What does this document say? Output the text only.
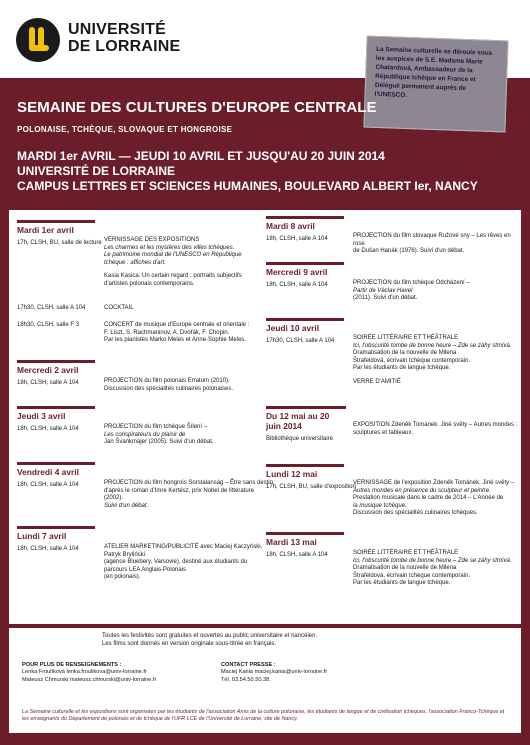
UNIVERSITÉ
DE LORRAINE	La Semaine culturelle se déroule sous les auspices de S.E. Madame Marie Chatardová, Ambassadeur de la République tchèque en France et Délégué permanent auprès de l'UNESCO.

SEMAINE DES CULTURES D'EUROPE CENTRALE
POLONAISE, TCHÈQUE, SLOVAQUE ET HONGROISE
MARDI 1er AVRIL — JEUDI 10 AVRIL ET JUSQU'AU 20 JUIN 2014
UNIVERSITÉ DE LORRAINE
CAMPUS LETTRES ET SCIENCES HUMAINES, BOULEVARD ALBERT Ier, NANCY
Mardi 1er avril
17h, CLSH, BU, salle de lecture VERNISSAGE DES EXPOSITIONS
Les charmes et les mystères des villes tchèques.
Le patrimoine mondial de l'UNESCO en République
tchèque : affiches d'art.
Kasia Kasica. Un certain regard : portraits subjectifs
d'artistes polonais contemporains.
17h30, CLSH, salle A 104	COCKTAIL
18h30, CLSH, salle F 3	CONCERT de musique d'Europe centrale et orientale :
F. Liszt, S. Rachmaninov, A. Dvořák, F. Chopin.
Par les pianistes Marko Meles et Anne-Sophie Meles.
Mercredi 2 avril
18h, CLSH, salle A 104	PROJECTION du film polonais Erratum (2010).
Discussion des spécialités culinaires polonaises.
Jeudi 3 avril
18h, CLSH, salle A 104	PROJECTION du film tchèque Šílení –
Les conspirateurs du plaisir de
Jan Švankmajer (2005). Suivi d'un débat.
Vendredi 4 avril
18h, CLSH, salle A 104	PROJECTION du film hongrois Sorstalanság – Être sans destin
d'après le roman d'Imre Kertész, prix Nobel de littérature
(2002).
Suivi d'un débat.
Lundi 7 avril
18h, CLSH, salle A 104	ATELIER MARKETING/PUBLICITÉ avec Maciej Kaczyński,
Patryk Bryliński
(agence Bluebery, Varsovie), destiné aux étudiants du
parcours LEA Anglais-Polonais
(en polonais).
Mardi 8 avril
18h, CLSH, salle A 104	PROJECTION du film slovaque Ružové sny – Les rêves en rose
de Dušan Hanák (1976). Suivi d'un débat.
Mercredi 9 avril
18h, CLSH, salle A 104	PROJECTION du film tchèque Odcházení –
Partir de Václav Havel
(2011). Suivi d'un débat.
Jeudi 10 avril
17h30, CLSH, salle A 104	SOIRÉE LITTÉRAIRE ET THÉÂTRALE
Ici, l'obscurité tombe de bonne heure – Zde se záhy stmívá.
Dramatisation de la nouvelle de Milena
Štrafeldová, écrivain tchèque contemporain.
Par les étudiants de langue tchèque.
VERRE D'AMITIÉ
Du 12 mai au 20 juin 2014
Bibliothèque universitaire
EXPOSITION Zdeněk Tománek. Jiné světy – Autres mondes :
sculptures et tableaux.
Lundi 12 mai
17h, CLSH, BU, salle d'exposition
VERNISSAGE de l'exposition Zdeněk Tománek. Jiné světy –
Autres mondes en présence du sculpteur et peintre.
Prestation musicale dans le cadre de 2014 – L'Année de
la musique tchèque.
Discussion des spécialités culinaires tchèques.
Mardi 13 mai
18h, CLSH, salle A 104	SOIRÉE LITTÉRAIRE ET THÉÂTRALE
Ici, l'obscurité tombe de bonne heure – Zde se záhy stmívá.
Dramatisation de la nouvelle de Milena
Štrafeldová, écrivain tchèque contemporain.
Par les étudiants de langue tchèque.
Toutes les festivités sont gratuites et ouvertes au public universitaire et nancéien.
Les films sont donnés en version originale sous-titrée en français.
POUR PLUS DE RENSEIGNEMENTS :
Lenka Froulíková lenka.froulikova@univ-lorraine.fr
Mateusz Chmurski mateusz.chmurski@univ-lorraine.fr
CONTACT PRESSE :
Maciej Kania maciej.kania@univ-lorraine.fr
Tél. 03.54.50.50.38.
La Semaine culturelle et les expositions sont organisées par les étudiants de l'association Amis de la culture polonaise, les étudiants de langue et de civilisation tchèques, l'association Franco-Tchèque et les enseignants du Département de polonais et de tchèque de l'UFR LCE de l'Université de Lorraine, site de Nancy.
